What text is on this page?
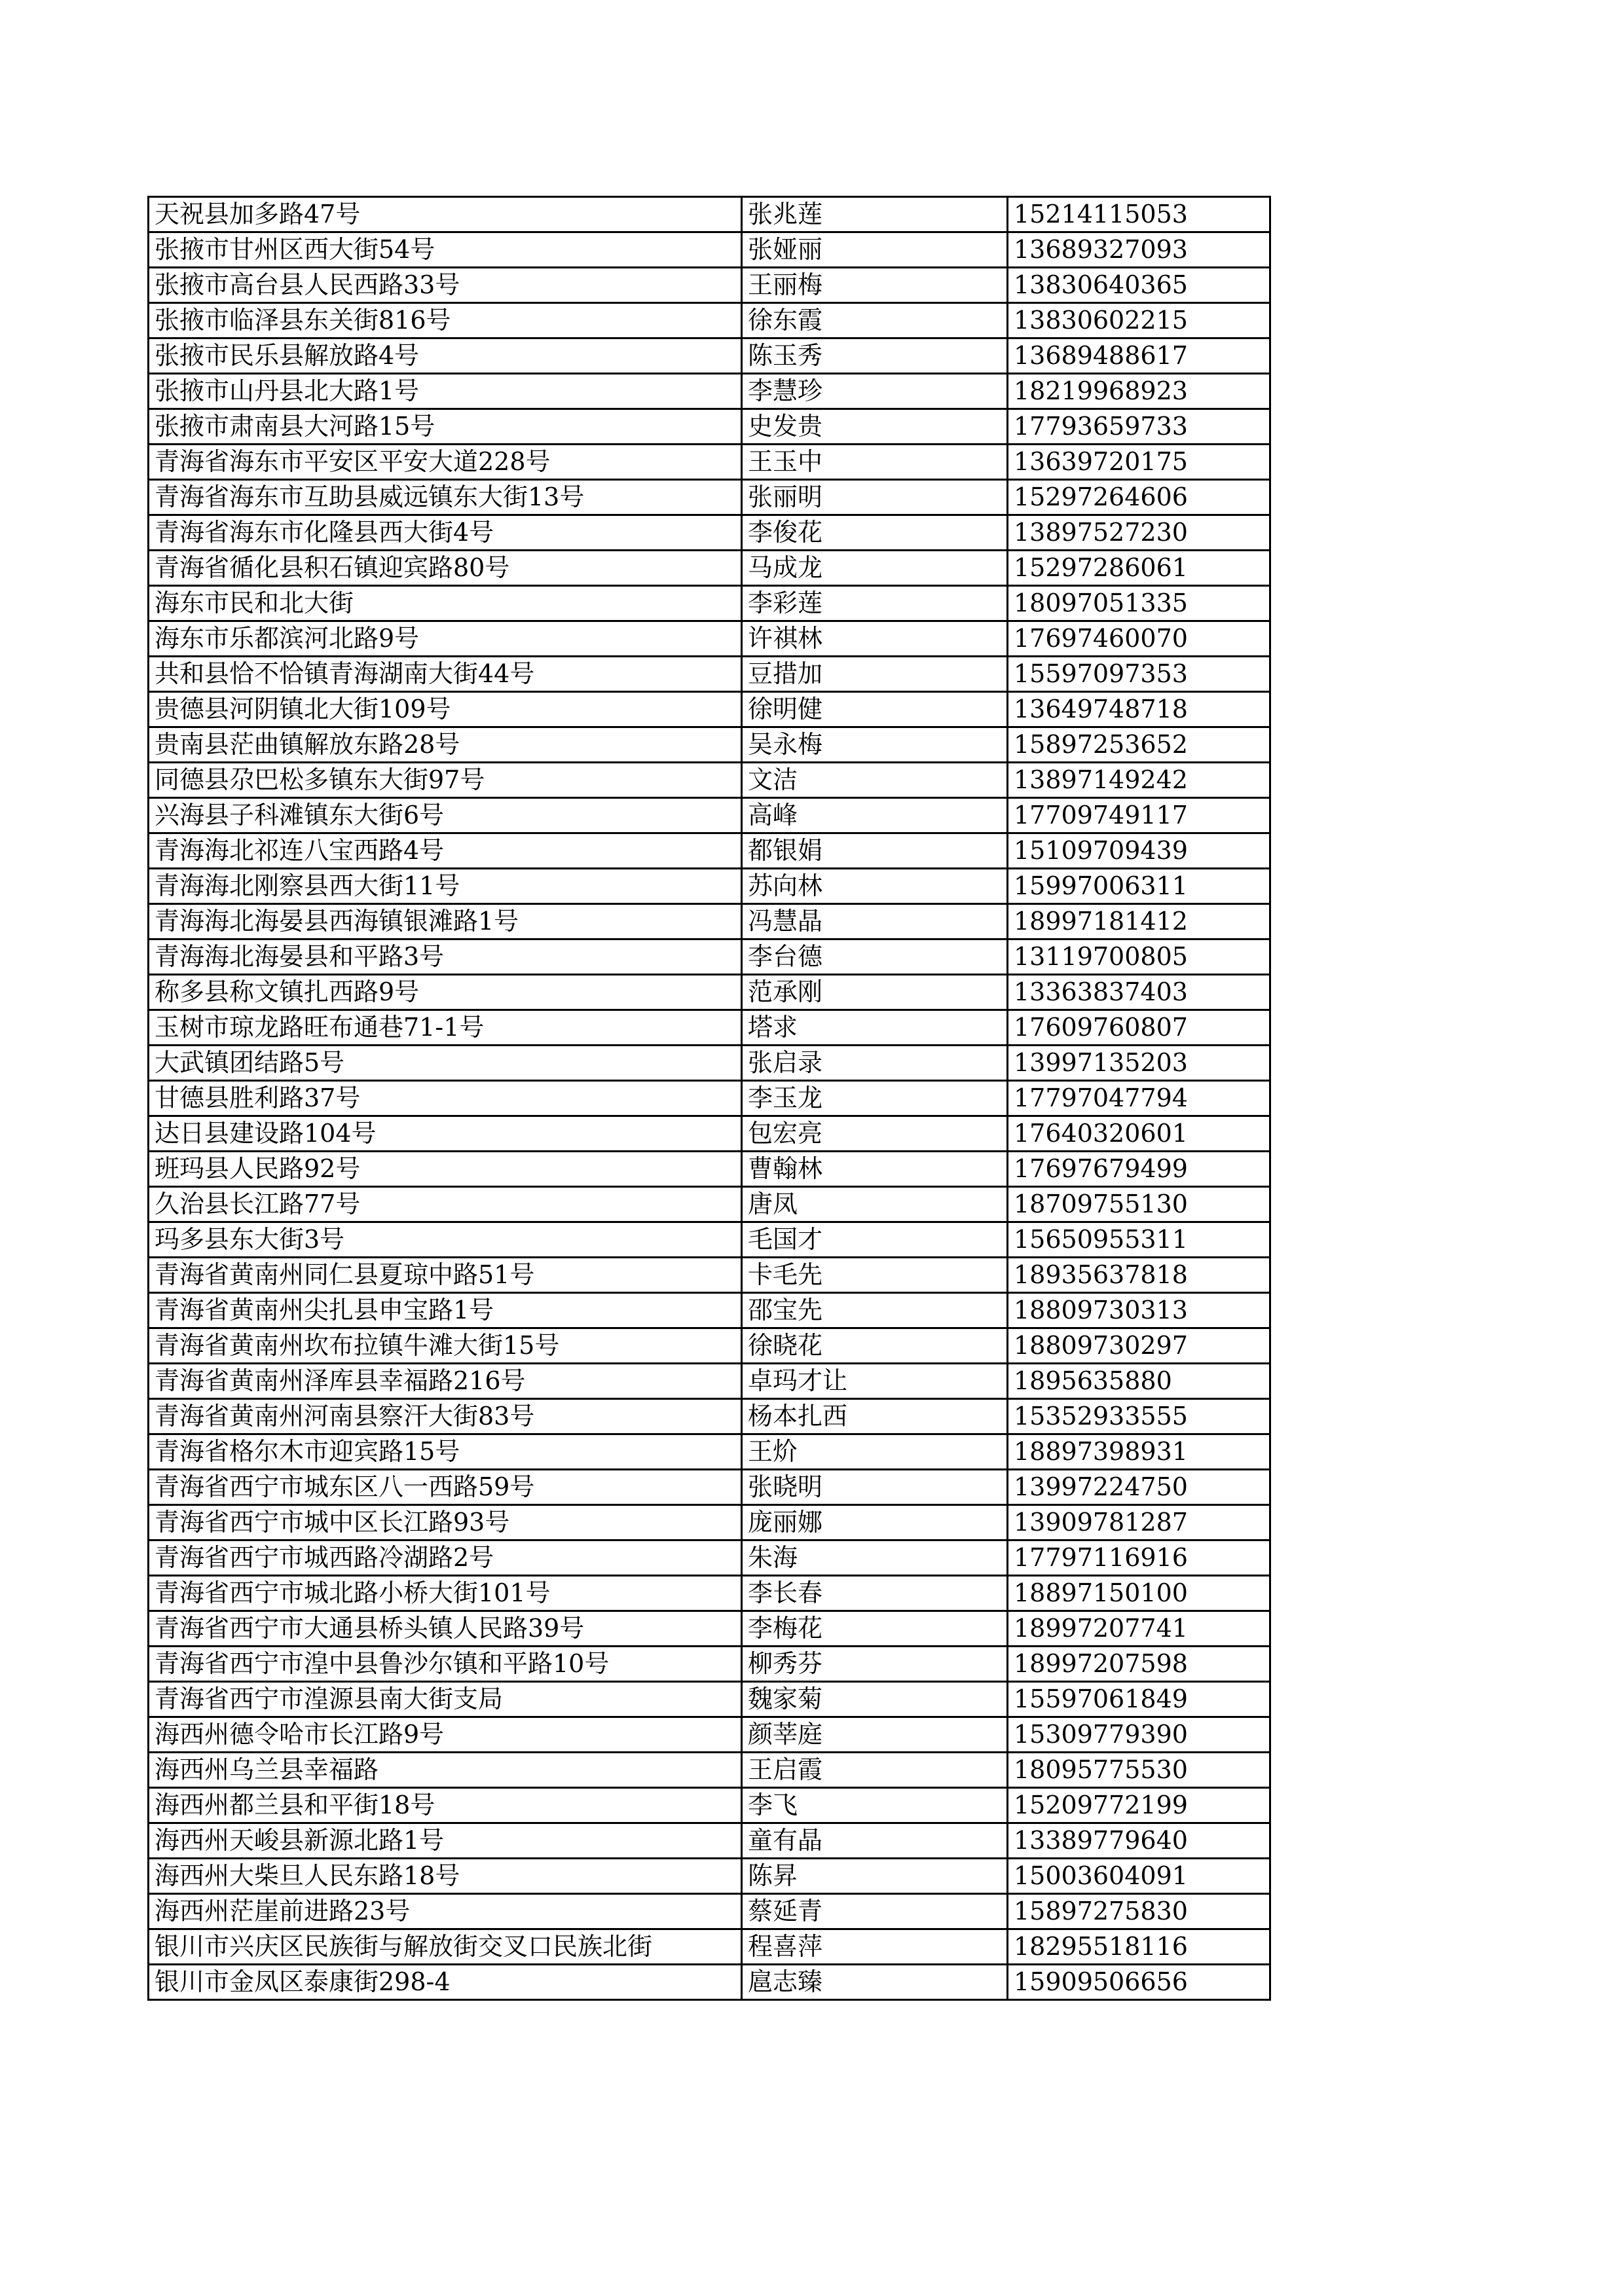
天祝县加多路47号	张兆莲	15214115053
张掖市甘州区西大街54号	张娅丽	13689327093
张掖市高台县人民西路33号	王丽梅	13830640365
张掖市临泽县东关街816号	徐东霞	13830602215
张掖市民乐县解放路4号	陈玉秀	13689488617
张掖市山丹县北大路1号	李慧珍	18219968923
张掖市肃南县大河路15号	史发贵	17793659733
青海省海东市平安区平安大道228号	王玉中	13639720175
青海省海东市互助县威远镇东大街13号	张丽明	15297264606
青海省海东市化隆县西大街4号	李俊花	13897527230
青海省循化县积石镇迎宾路80号	马成龙	15297286061
海东市民和北大街	李彩莲	18097051335
海东市乐都滨河北路9号	许祺林	17697460070
共和县恰不恰镇青海湖南大街44号	豆措加	15597097353
贵德县河阴镇北大街109号	徐明健	13649748718
贵南县茫曲镇解放东路28号	吴永梅	15897253652
同德县尕巴松多镇东大街97号	文洁	13897149242
兴海县子科滩镇东大街6号	高峰	17709749117
青海海北祁连八宝西路4号	都银娟	15109709439
青海海北刚察县西大街11号	苏向林	15997006311
青海海北海晏县西海镇银滩路1号	冯慧晶	18997181412
青海海北海晏县和平路3号	李台德	13119700805
称多县称文镇扎西路9号	范承刚	13363837403
玉树市琼龙路旺布通巷71-1号	塔求	17609760807
大武镇团结路5号	张启录	13997135203
甘德县胜利路37号	李玉龙	17797047794
达日县建设路104号	包宏亮	17640320601
班玛县人民路92号	曹翰林	17697679499
久治县长江路77号	唐凤	18709755130
玛多县东大街3号	毛国才	15650955311
青海省黄南州同仁县夏琼中路51号	卡毛先	18935637818
青海省黄南州尖扎县申宝路1号	邵宝先	18809730313
青海省黄南州坎布拉镇牛滩大街15号	徐晓花	18809730297
青海省黄南州泽库县幸福路216号	卓玛才让	1895635880
青海省黄南州河南县察汗大街83号	杨本扎西	15352933555
青海省格尔木市迎宾路15号	王炌	18897398931
青海省西宁市城东区八一西路59号	张晓明	13997224750
青海省西宁市城中区长江路93号	庞丽娜	13909781287
青海省西宁市城西路冷湖路2号	朱海	17797116916
青海省西宁市城北路小桥大街101号	李长春	18897150100
青海省西宁市大通县桥头镇人民路39号	李梅花	18997207741
青海省西宁市湟中县鲁沙尔镇和平路10号	柳秀芬	18997207598
青海省西宁市湟源县南大街支局	魏家菊	15597061849
海西州德令哈市长江路9号	颜莘庭	15309779390
海西州乌兰县幸福路	王启霞	18095775530
海西州都兰县和平街18号	李飞	15209772199
海西州天峻县新源北路1号	童有晶	13389779640
海西州大柴旦人民东路18号	陈昇	15003604091
海西州茫崖前进路23号	蔡延青	15897275830
银川市兴庆区民族街与解放街交叉口民族北街	程喜萍	18295518116
银川市金凤区泰康街298-4	扈志臻	15909506656
